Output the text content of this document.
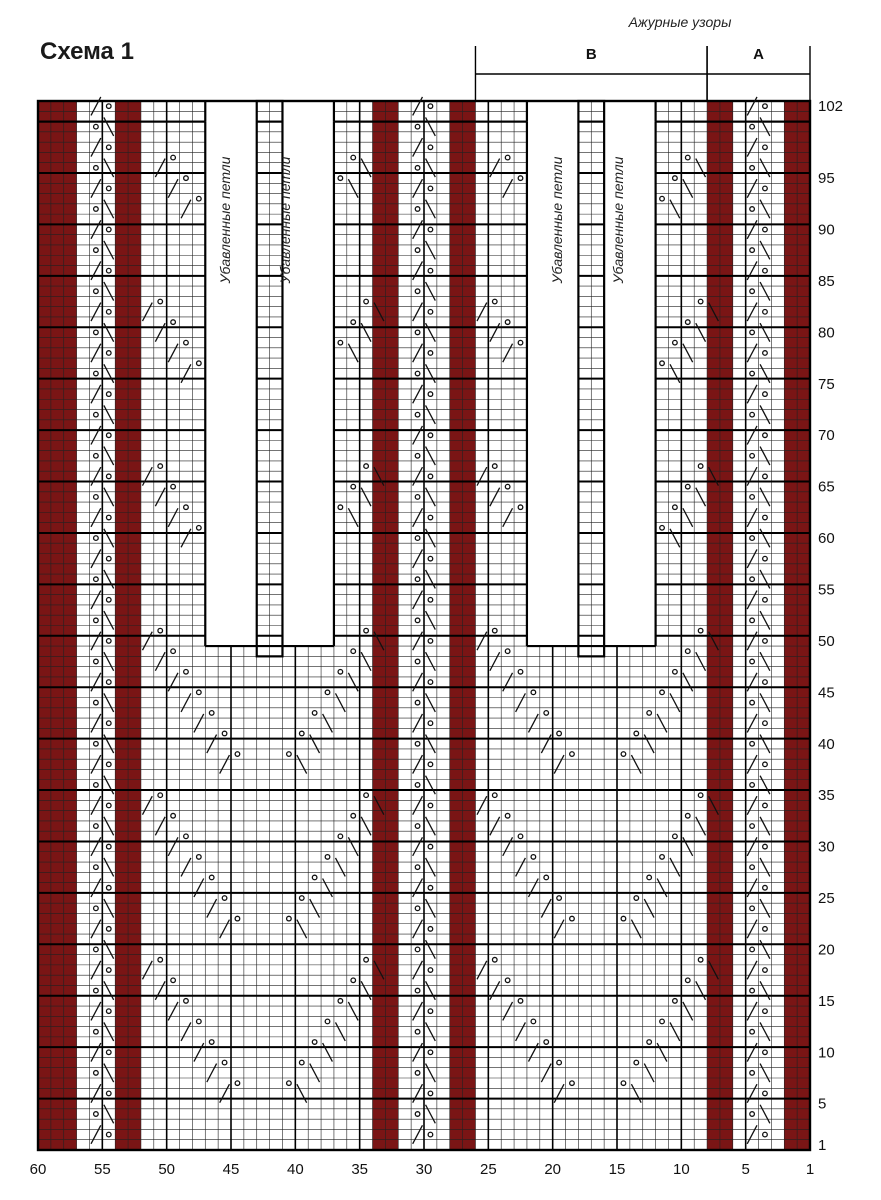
Схема 1
1
5
10
15
20
25
30
35
40
45
50
55
60
65
70
75
80
85
90
95
102
60	55	50	45	40	35	30	25	20	15	10	5	1
Ажурные узоры
B	A
Убавленные петли	Убавленные петли	Убавленные петли	Убавленные петли
